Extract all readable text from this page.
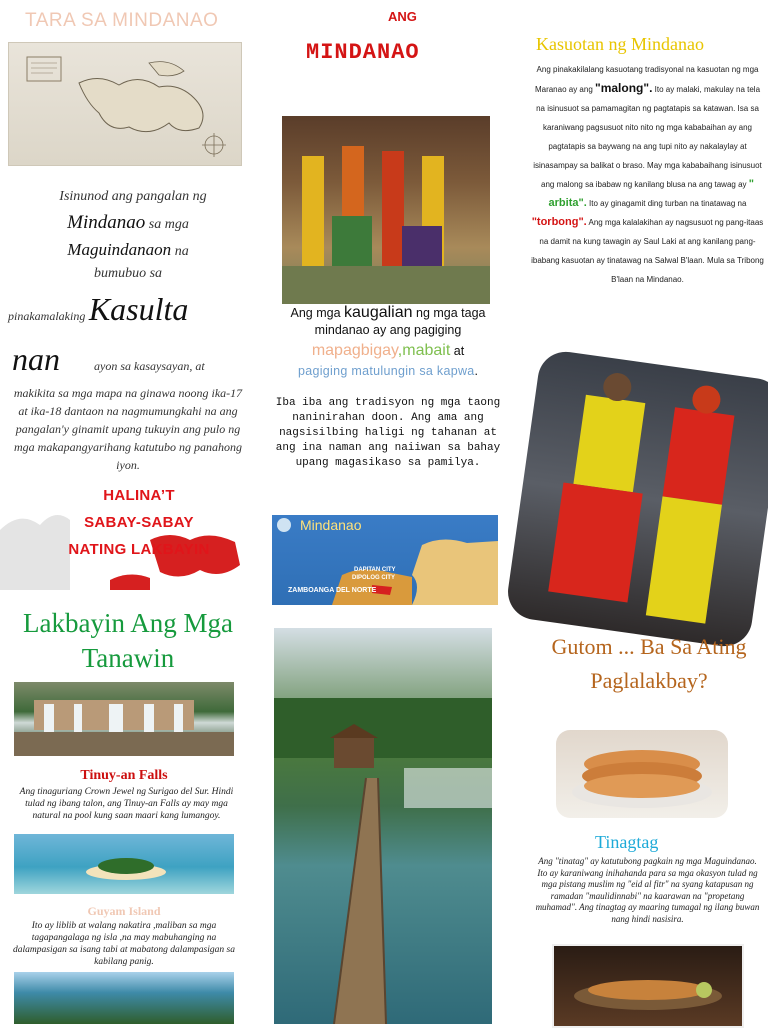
TARA SA MINDANAO
Isinunod ang pangalan ng
Mindanao sa mga
Maguindanaon na
bumubuo sa
pinakamalaking Kasulta
nan	ayon sa kasaysayan, at
makikita sa mga mapa na ginawa noong ika-17 at ika-18 dantaon na nagmumungkahi na ang pangalan'y ginamit upang tukuyin ang pulo ng mga makapangyarihang katutubo ng panahong iyon.
HALINA’T
SABAY-SABAY
NATING LAKBAYIN
Lakbayin Ang Mga Tanawin
Tinuy-an Falls
Ang tinaguriang Crown Jewel ng Surigao del Sur. Hindi tulad ng ibang talon, ang Tinuy-an Falls ay may mga natural na pool kung saan maari kang lumangoy.
Guyam Island
Ito ay liblib at walang nakatira ,maliban sa mga tagapangalaga ng isla ,na may mabuhanging na dalampasigan sa isang tabi at mabatong dalampasigan sa kabilang panig.
ANG
MINDANAO
Ang mga kaugalian ng mga taga mindanao ay ang pagiging
mapagbigay,mabait at
pagiging matulungin sa kapwa.
Iba iba ang tradisyon ng mga taong naninirahan doon. Ang ama ang nagsisilbing haligi ng tahanan at ang ina naman ang naiiwan sa bahay upang magasikaso sa pamilya.
Mindanao
DAPITAN CITY
DIPOLOG CITY
ZAMBOANGA DEL NORTE
Kasuotan ng Mindanao
Ang pinakakilalang kasuotang tradisyonal na kasuotan ng mga Maranao ay ang "malong". Ito ay malaki, makulay na tela na isinusuot sa pamamagitan ng pagtatapis sa katawan. Isa sa karaniwang pagsusuot nito nito ng mga kababaihan ay ang pagtatapis sa baywang na ang tupi nito ay nakalaylay at isinasampay sa balikat o braso. May mga kababaihang isinusuot ang malong sa ibabaw ng kanilang blusa na ang tawag ay " arbita". Ito ay ginagamit ding turban na tinatawag na "torbong". Ang mga kalalakihan ay nagsusuot ng pang-itaas na damit na kung tawagin ay Saul Laki at ang kanilang pang-ibabang kasuotan ay tinatawag na Salwal B'laan. Mula sa Tribong B'laan na Mindanao.
Gutom ... Ba Sa Ating Paglalakbay?
Tinagtag
Ang "tinatag" ay katutubong pagkain ng mga Maguindanao. Ito ay karaniwang inihahanda para sa mga okasyon tulad ng mga pistang muslim ng "eid al fitr" na syang katapusan ng ramadan "maulidinnabi" na kaarawan na "propetang muhamad". Ang tinagtag ay maaring tumagal ng ilang buwan nang hindi nasisira.
